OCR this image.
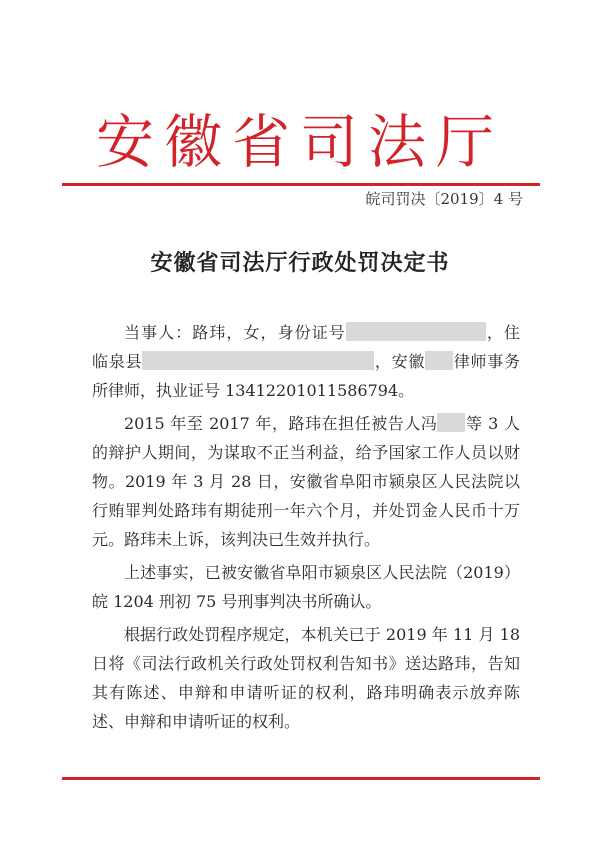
安徽省司法厅
皖司罚决〔2019〕4 号
安徽省司法厅行政处罚决定书

当事人：路玮，女，身份证号	，住临泉县	，安徽 律师事务所律师，执业证号 13412201011586794。

2015 年至 2017 年，路玮在担任被告人冯 等 3 人的辩护人期间，为谋取不正当利益，给予国家工作人员以财物。2019 年 3 月 28 日，安徽省阜阳市颍泉区人民法院以行贿罪判处路玮有期徒刑一年六个月，并处罚金人民币十万元。路玮未上诉，该判决已生效并执行。

上述事实，已被安徽省阜阳市颍泉区人民法院（2019）皖 1204 刑初 75 号刑事判决书所确认。

根据行政处罚程序规定，本机关已于 2019 年 11 月 18 日将《司法行政机关行政处罚权利告知书》送达路玮，告知其有陈述、申辩和申请听证的权利，路玮明确表示放弃陈述、申辩和申请听证的权利。
